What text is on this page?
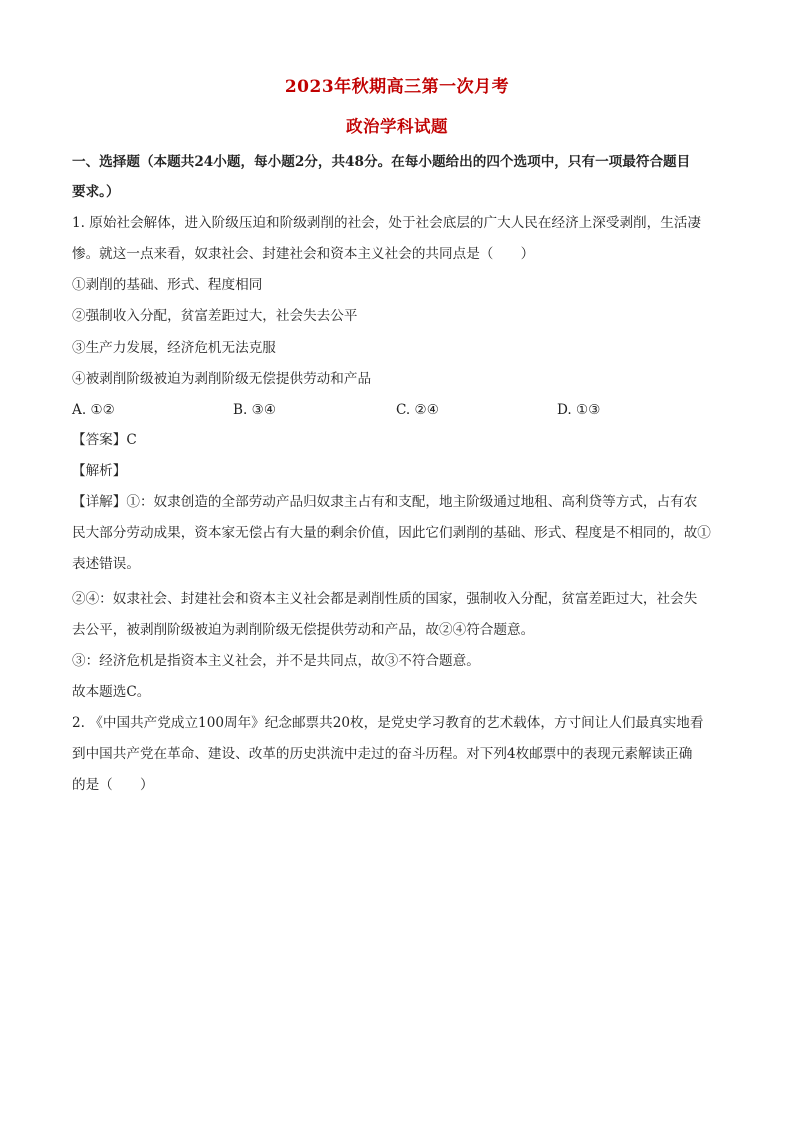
2023年秋期高三第一次月考
政治学科试题
一、选择题（本题共24小题，每小题2分，共48分。在每小题给出的四个选项中，只有一项最符合题目
要求。）
1. 原始社会解体，进入阶级压迫和阶级剥削的社会，处于社会底层的广大人民在经济上深受剥削，生活凄
惨。就这一点来看，奴隶社会、封建社会和资本主义社会的共同点是（　　）
①剥削的基础、形式、程度相同
②强制收入分配，贫富差距过大，社会失去公平
③生产力发展，经济危机无法克服
④被剥削阶级被迫为剥削阶级无偿提供劳动和产品
A. ①②	B. ③④	C. ②④	D. ①③
【答案】C
【解析】
【详解】①：奴隶创造的全部劳动产品归奴隶主占有和支配，地主阶级通过地租、高利贷等方式，占有农
民大部分劳动成果，资本家无偿占有大量的剩余价值，因此它们剥削的基础、形式、程度是不相同的，故①
表述错误。
②④：奴隶社会、封建社会和资本主义社会都是剥削性质的国家，强制收入分配，贫富差距过大，社会失
去公平，被剥削阶级被迫为剥削阶级无偿提供劳动和产品，故②④符合题意。
③：经济危机是指资本主义社会，并不是共同点，故③不符合题意。
故本题选C。
2. 《中国共产党成立100周年》纪念邮票共20枚，是党史学习教育的艺术载体，方寸间让人们最真实地看
到中国共产党在革命、建设、改革的历史洪流中走过的奋斗历程。对下列4枚邮票中的表现元素解读正确
的是（　　）
